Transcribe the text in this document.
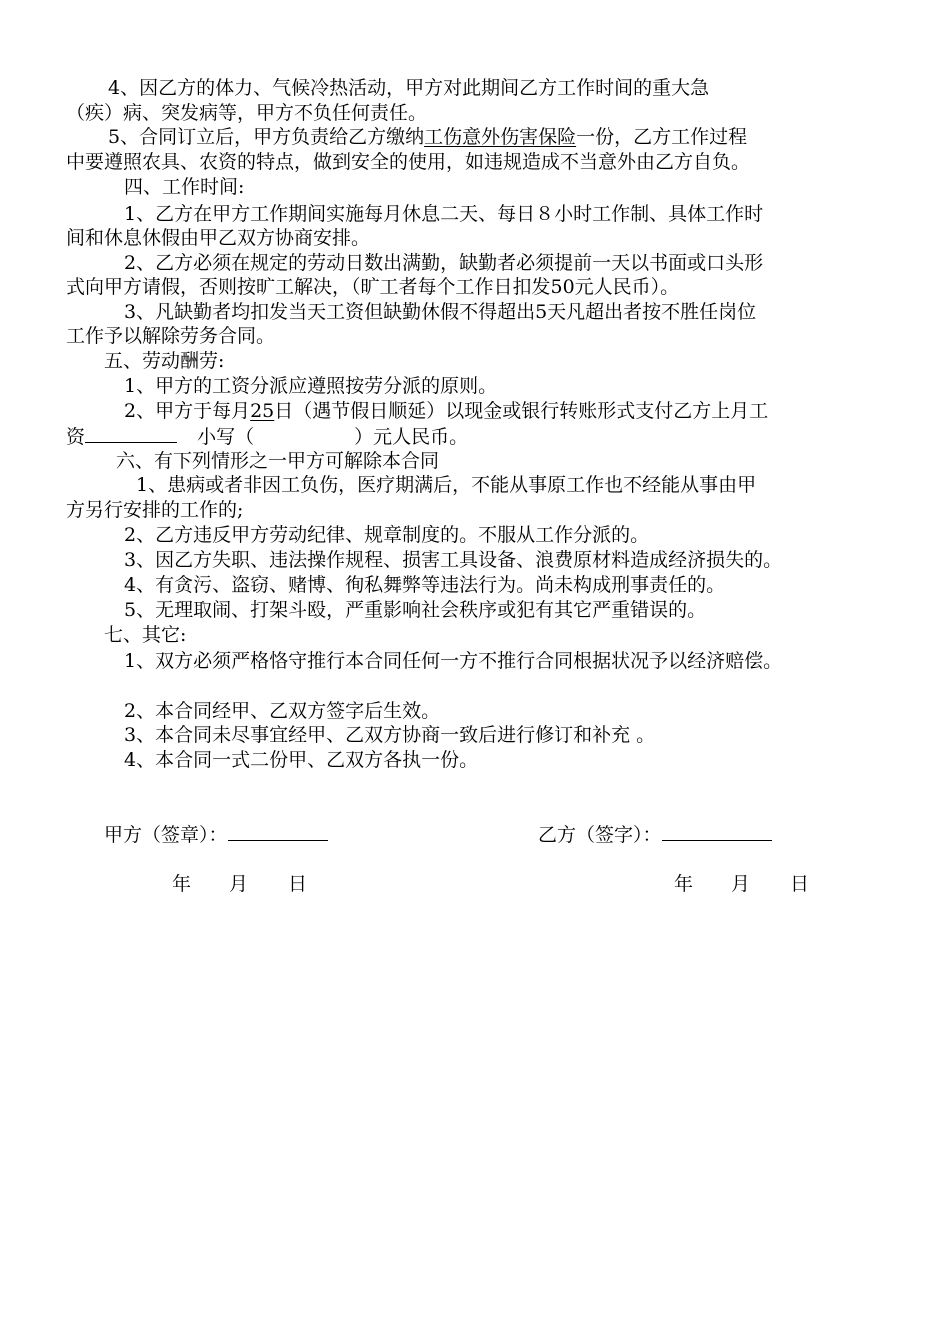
4、因乙方的体力、气候冷热活动，甲方对此期间乙方工作时间的重大急
（疾）病、突发病等，甲方不负任何责任。
5、合同订立后，甲方负责给乙方缴纳工伤意外伤害保险一份，乙方工作过程
中要遵照农具、农资的特点，做到安全的使用，如违规造成不当意外由乙方自负。
四、工作时间:
1、乙方在甲方工作期间实施每月休息二天、每日８小时工作制、具体工作时
间和休息休假由甲乙双方协商安排。
2、乙方必须在规定的劳动日数出满勤，缺勤者必须提前一天以书面或口头形
式向甲方请假，否则按旷工解决，（旷工者每个工作日扣发50元人民币）。
3、凡缺勤者均扣发当天工资但缺勤休假不得超出5天凡超出者按不胜任岗位
工作予以解除劳务合同。
五、劳动酬劳:
1、甲方的工资分派应遵照按劳分派的原则。
2、甲方于每月25日（遇节假日顺延）以现金或银行转账形式支付乙方上月工
资	小写（	）元人民币。
六、有下列情形之一甲方可解除本合同
1、患病或者非因工负伤，医疗期满后，不能从事原工作也不经能从事由甲
方另行安排的工作的;
2、乙方违反甲方劳动纪律、规章制度的。不服从工作分派的。
3、因乙方失职、违法操作规程、损害工具设备、浪费原材料造成经济损失的。
4、有贪污、盗窃、赌博、徇私舞弊等违法行为。尚未构成刑事责任的。
5、无理取闹、打架斗殴，严重影响社会秩序或犯有其它严重错误的。
七、其它:
1、双方必须严格恪守推行本合同任何一方不推行合同根据状况予以经济赔偿。
2、本合同经甲、乙双方签字后生效。
3、本合同未尽事宜经甲、乙双方协商一致后进行修订和补充 。
4、本合同一式二份甲、乙双方各执一份。
甲方（签章）：	乙方（签字）：
年 月 日	年 月 日
